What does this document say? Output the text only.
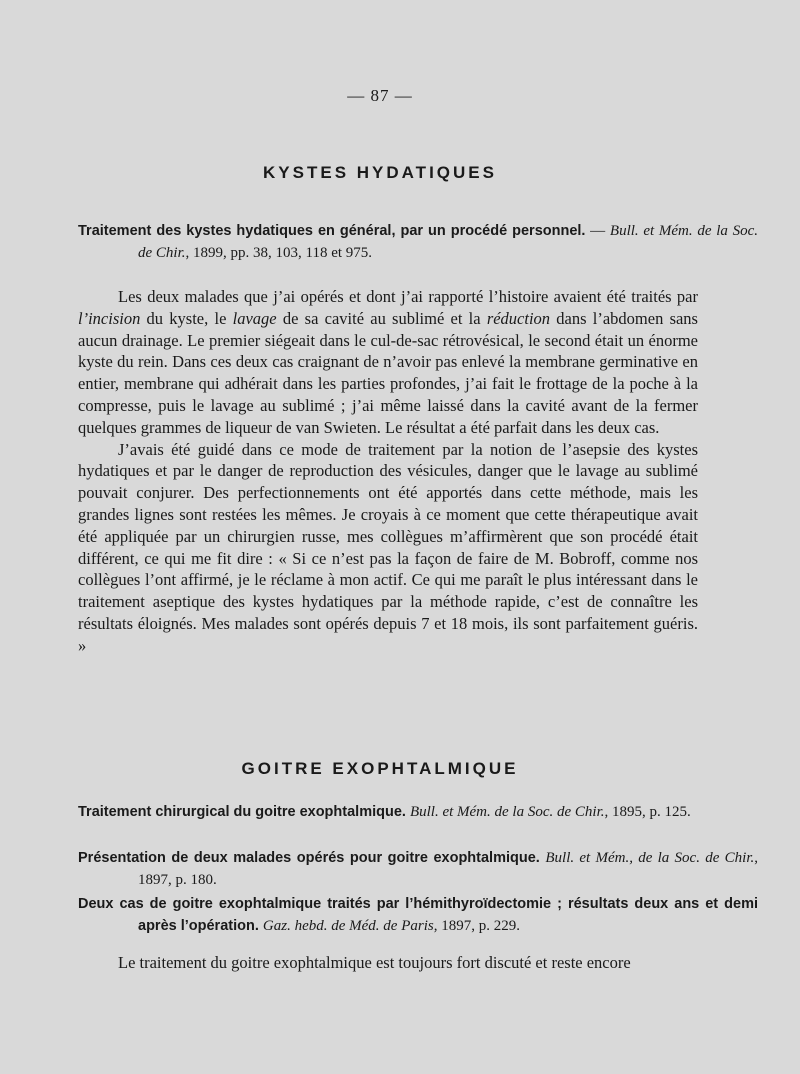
— 87 —
KYSTES HYDATIQUES
Traitement des kystes hydatiques en général, par un procédé personnel. — Bull. et Mém. de la Soc. de Chir., 1899, pp. 38, 103, 118 et 975.

Les deux malades que j’ai opérés et dont j’ai rapporté l’histoire avaient été traités par l’incision du kyste, le lavage de sa cavité au sublimé et la réduction dans l’abdomen sans aucun drainage. Le premier siégeait dans le cul-de-sac rétrovésical, le second était un énorme kyste du rein. Dans ces deux cas craignant de n’avoir pas enlevé la membrane germinative en entier, membrane qui adhérait dans les parties profondes, j’ai fait le frottage de la poche à la compresse, puis le lavage au sublimé ; j’ai même laissé dans la cavité avant de la fermer quelques grammes de liqueur de van Swieten. Le résultat a été parfait dans les deux cas.

J’avais été guidé dans ce mode de traitement par la notion de l’asepsie des kystes hydatiques et par le danger de reproduction des vésicules, danger que le lavage au sublimé pouvait conjurer. Des perfectionnements ont été apportés dans cette méthode, mais les grandes lignes sont restées les mêmes. Je croyais à ce moment que cette thérapeutique avait été appliquée par un chirurgien russe, mes collègues m’affirmèrent que son procédé était différent, ce qui me fit dire : « Si ce n’est pas la façon de faire de M. Bobroff, comme nos collègues l’ont affirmé, je le réclame à mon actif. Ce qui me paraît le plus intéressant dans le traitement aseptique des kystes hydatiques par la méthode rapide, c’est de connaître les résultats éloignés. Mes malades sont opérés depuis 7 et 18 mois, ils sont parfaitement guéris. »

GOITRE EXOPHTALMIQUE
Traitement chirurgical du goitre exophtalmique. Bull. et Mém. de la Soc. de Chir., 1895, p. 125.
Présentation de deux malades opérés pour goitre exophtalmique. Bull. et Mém., de la Soc. de Chir., 1897, p. 180.
Deux cas de goitre exophtalmique traités par l’hémithyroïdectomie ; résultats deux ans et demi après l’opération. Gaz. hebd. de Méd. de Paris, 1897, p. 229.

Le traitement du goitre exophtalmique est toujours fort discuté et reste encore
